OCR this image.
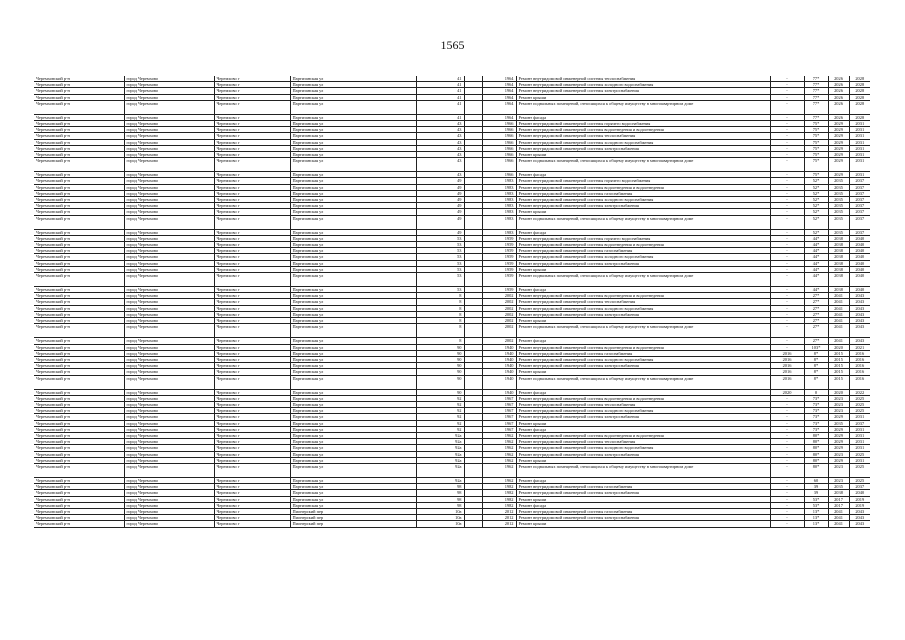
1565
Черемховский р-н	город Черемхово	Черемхово г	Партизанская ул	41		1964	Ремонт внутридомовой инженерной системы теплоснабжения	-	77*	2026	2028
Черемховский р-н	город Черемхово	Черемхово г	Партизанская ул	41		1964	Ремонт внутридомовой инженерной системы холодного водоснабжения	-	77*	2026	2028
Черемховский р-н	город Черемхово	Черемхово г	Партизанская ул	41		1964	Ремонт внутридомовой инженерной системы электроснабжения	-	77*	2026	2028
Черемховский р-н	город Черемхово	Черемхово г	Партизанская ул	41		1964	Ремонт крыши	-	77*	2026	2028
Черемховский р-н	город Черемхово	Черемхово г	Партизанская ул	41		1964	Ремонт подвальных помещений, относящихся к общему имуществу в многоквартирном доме	-	77*	2026	2028
Черемховский р-н	город Черемхово	Черемхово г	Партизанская ул	41		1964	Ремонт фасада	-	77*	2026	2028
Черемховский р-н	город Черемхово	Черемхово г	Партизанская ул	43		1966	Ремонт внутридомовой инженерной системы горячего водоснабжения	-	75*	2029	2031
Черемховский р-н	город Черемхово	Черемхово г	Партизанская ул	43		1966	Ремонт внутридомовой инженерной системы водоотведения и водоотведения	-	75*	2029	2031
Черемховский р-н	город Черемхово	Черемхово г	Партизанская ул	43		1966	Ремонт внутридомовой инженерной системы теплоснабжения	-	75*	2029	2031
Черемховский р-н	город Черемхово	Черемхово г	Партизанская ул	43		1966	Ремонт внутридомовой инженерной системы холодного водоснабжения	-	75*	2029	2031
Черемховский р-н	город Черемхово	Черемхово г	Партизанская ул	43		1966	Ремонт внутридомовой инженерной системы электроснабжения	-	75*	2029	2031
Черемховский р-н	город Черемхово	Черемхово г	Партизанская ул	43		1966	Ремонт крыши	-	75*	2029	2031
Черемховский р-н	город Черемхово	Черемхово г	Партизанская ул	43		1966	Ремонт подвальных помещений, относящихся к общему имуществу в многоквартирном доме	-	75*	2029	2031
Черемховский р-н	город Черемхово	Черемхово г	Партизанская ул	43		1966	Ремонт фасада	-	75*	2029	2031
Черемховский р-н	город Черемхово	Черемхово г	Партизанская ул	49		1983	Ремонт внутридомовой инженерной системы горячего водоснабжения	-	52*	2035	2037
Черемховский р-н	город Черемхово	Черемхово г	Партизанская ул	49		1983	Ремонт внутридомовой инженерной системы водоотведения и водоотведения	-	52*	2035	2037
Черемховский р-н	город Черемхово	Черемхово г	Партизанская ул	49		1983	Ремонт внутридомовой инженерной системы газоснабжения	-	52*	2035	2037
Черемховский р-н	город Черемхово	Черемхово г	Партизанская ул	49		1983	Ремонт внутридомовой инженерной системы холодного водоснабжения	-	52*	2035	2037
Черемховский р-н	город Черемхово	Черемхово г	Партизанская ул	49		1983	Ремонт внутридомовой инженерной системы электроснабжения	-	52*	2035	2037
Черемховский р-н	город Черемхово	Черемхово г	Партизанская ул	49		1983	Ремонт крыши	-	52*	2035	2037
Черемховский р-н	город Черемхово	Черемхово г	Партизанская ул	49		1983	Ремонт подвальных помещений, относящихся к общему имуществу в многоквартирном доме	-	52*	2035	2037
Черемховский р-н	город Черемхово	Черемхово г	Партизанская ул	49		1983	Ремонт фасада	-	52*	2035	2037
Черемховский р-н	город Черемхово	Черемхово г	Партизанская ул	53		1959	Ремонт внутридомовой инженерной системы горячего водоснабжения	-	44*	2038	2040
Черемховский р-н	город Черемхово	Черемхово г	Партизанская ул	53		1959	Ремонт внутридомовой инженерной системы водоотведения и водоотведения	-	44*	2038	2040
Черемховский р-н	город Черемхово	Черемхово г	Партизанская ул	53		1959	Ремонт внутридомовой инженерной системы газоснабжения	-	44*	2038	2040
Черемховский р-н	город Черемхово	Черемхово г	Партизанская ул	53		1959	Ремонт внутридомовой инженерной системы холодного водоснабжения	-	44*	2038	2040
Черемховский р-н	город Черемхово	Черемхово г	Партизанская ул	53		1959	Ремонт внутридомовой инженерной системы электроснабжения	-	44*	2038	2040
Черемховский р-н	город Черемхово	Черемхово г	Партизанская ул	53		1959	Ремонт крыши	-	44*	2038	2040
Черемховский р-н	город Черемхово	Черемхово г	Партизанская ул	53		1959	Ремонт подвальных помещений, относящихся к общему имуществу в многоквартирном доме	-	44*	2038	2040
Черемховский р-н	город Черемхово	Черемхово г	Партизанская ул	53		1959	Ремонт фасада	-	44*	2038	2040
Черемховский р-н	город Черемхово	Черемхово г	Партизанская ул	8		2002	Ремонт внутридомовой инженерной системы водоотведения и водоотведения	-	27*	2041	2043
Черемховский р-н	город Черемхово	Черемхово г	Партизанская ул	8		2002	Ремонт внутридомовой инженерной системы теплоснабжения	-	27*	2041	2043
Черемховский р-н	город Черемхово	Черемхово г	Партизанская ул	8		2002	Ремонт внутридомовой инженерной системы холодного водоснабжения	-	27*	2041	2043
Черемховский р-н	город Черемхово	Черемхово г	Партизанская ул	8		2002	Ремонт внутридомовой инженерной системы электроснабжения	-	27*	2041	2043
Черемховский р-н	город Черемхово	Черемхово г	Партизанская ул	8		2002	Ремонт крыши	-	27*	2041	2043
Черемховский р-н	город Черемхово	Черемхово г	Партизанская ул	8		2002	Ремонт подвальных помещений, относящихся к общему имуществу в многоквартирном доме	-	27*	2041	2043
Черемховский р-н	город Черемхово	Черемхово г	Партизанская ул	8		2002	Ремонт фасада	-	27*	2041	2043
Черемховский р-н	город Черемхово	Черемхово г	Партизанская ул	90		1940	Ремонт внутридомовой инженерной системы водоотведения и водоотведения	-	103*	2020	2021
Черемховский р-н	город Черемхово	Черемхово г	Партизанская ул	90		1940	Ремонт внутридомовой инженерной системы газоснабжения	2016	8*	2015	2016
Черемховский р-н	город Черемхово	Черемхово г	Партизанская ул	90		1940	Ремонт внутридомовой инженерной системы холодного водоснабжения	2016	8*	2015	2016
Черемховский р-н	город Черемхово	Черемхово г	Партизанская ул	90		1940	Ремонт внутридомовой инженерной системы электроснабжения	2016	8*	2015	2016
Черемховский р-н	город Черемхово	Черемхово г	Партизанская ул	90		1940	Ремонт крыши	2016	8*	2015	2016
Черемховский р-н	город Черемхово	Черемхово г	Партизанская ул	90		1940	Ремонт подвальных помещений, относящихся к общему имуществу в многоквартирном доме	2016	8*	2015	2016
Черемховский р-н	город Черемхово	Черемхово г	Партизанская ул	90		1940	Ремонт фасада	2020	0	2020	2022
Черемховский р-н	город Черемхово	Черемхово г	Партизанская ул	92		1967	Ремонт внутридомовой инженерной системы водоотведения и водоотведения	-	73*	2023	2025
Черемховский р-н	город Черемхово	Черемхово г	Партизанская ул	92		1967	Ремонт внутридомовой инженерной системы теплоснабжения	-	73*	2023	2025
Черемховский р-н	город Черемхово	Черемхово г	Партизанская ул	92		1967	Ремонт внутридомовой инженерной системы холодного водоснабжения	-	73*	2023	2025
Черемховский р-н	город Черемхово	Черемхово г	Партизанская ул	92		1967	Ремонт внутридомовой инженерной системы электроснабжения	-	73*	2029	2031
Черемховский р-н	город Черемхово	Черемхово г	Партизанская ул	92		1967	Ремонт крыши	-	73*	2035	2037
Черемховский р-н	город Черемхово	Черемхово г	Партизанская ул	92		1967	Ремонт фасада	-	73*	2029	2031
Черемховский р-н	город Черемхово	Черемхово г	Партизанская ул	92а		1962	Ремонт внутридомовой инженерной системы водоотведения и водоотведения	-	80*	2029	2031
Черемховский р-н	город Черемхово	Черемхово г	Партизанская ул	92а		1962	Ремонт внутридомовой инженерной системы теплоснабжения	-	80*	2029	2031
Черемховский р-н	город Черемхово	Черемхово г	Партизанская ул	92а		1962	Ремонт внутридомовой инженерной системы холодного водоснабжения	-	80*	2029	2031
Черемховский р-н	город Черемхово	Черемхово г	Партизанская ул	92а		1962	Ремонт внутридомовой инженерной системы электроснабжения	-	80*	2023	2025
Черемховский р-н	город Черемхово	Черемхово г	Партизанская ул	92а		1962	Ремонт крыши	-	80*	2029	2031
Черемховский р-н	город Черемхово	Черемхово г	Партизанская ул	92а		1962	Ремонт подвальных помещений, относящихся к общему имуществу в многоквартирном доме	-	80*	2023	2025
Черемховский р-н	город Черемхово	Черемхово г	Партизанская ул	92а		1962	Ремонт фасада	-	60	2023	2025
Черемховский р-н	город Черемхово	Черемхово г	Партизанская ул	98		1982	Ремонт внутридомовой инженерной системы газоснабжения	-	39	2035	2037
Черемховский р-н	город Черемхово	Черемхово г	Партизанская ул	98		1982	Ремонт внутридомовой инженерной системы электроснабжения	-	39	2038	2040
Черемховский р-н	город Черемхово	Черемхово г	Партизанская ул	98		1982	Ремонт крыши	-	53*	2017	2019
Черемховский р-н	город Черемхово	Черемхово г	Партизанская ул	98		1982	Ремонт фасада	-	53*	2017	2019
Черемховский р-н	город Черемхово	Черемхово г	Пионерский пер	10а		2012	Ремонт внутридомовой инженерной системы газоснабжения	-	13*	2041	2043
Черемховский р-н	город Черемхово	Черемхово г	Пионерский пер	10а		2012	Ремонт внутридомовой инженерной системы электроснабжения	-	13*	2041	2043
Черемховский р-н	город Черемхово	Черемхово г	Пионерский пер	10а		2012	Ремонт крыши	-	13*	2041	2043
